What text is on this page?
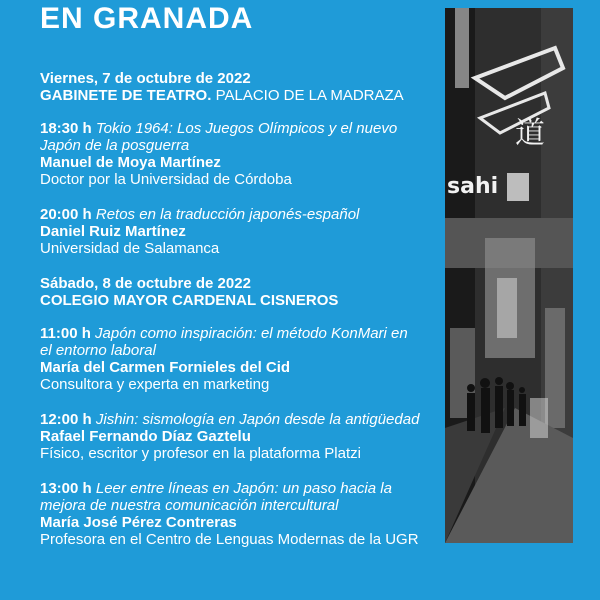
EN GRANADA
Viernes, 7 de octubre de 2022
GABINETE DE TEATRO. PALACIO DE LA MADRAZA
18:30 h Tokio 1964: Los Juegos Olímpicos y el nuevo Japón de la posguerra
Manuel de Moya Martínez
Doctor por la Universidad de Córdoba
20:00 h Retos en la traducción japonés-español
Daniel Ruiz Martínez
Universidad de Salamanca
Sábado, 8 de octubre de 2022
COLEGIO MAYOR CARDENAL CISNEROS
11:00 h Japón como inspiración: el método KonMari en el entorno laboral
María del Carmen Fornieles del Cid
Consultora y experta en marketing
12:00 h Jishin: sismología en Japón desde la antigüedad
Rafael Fernando Díaz Gaztelu
Físico, escritor y profesor en la plataforma Platzi
13:00 h Leer entre líneas en Japón: un paso hacia la mejora de nuestra comunicación intercultural
María José Pérez Contreras
Profesora en el Centro de Lenguas Modernas de la UGR
道
sahi
